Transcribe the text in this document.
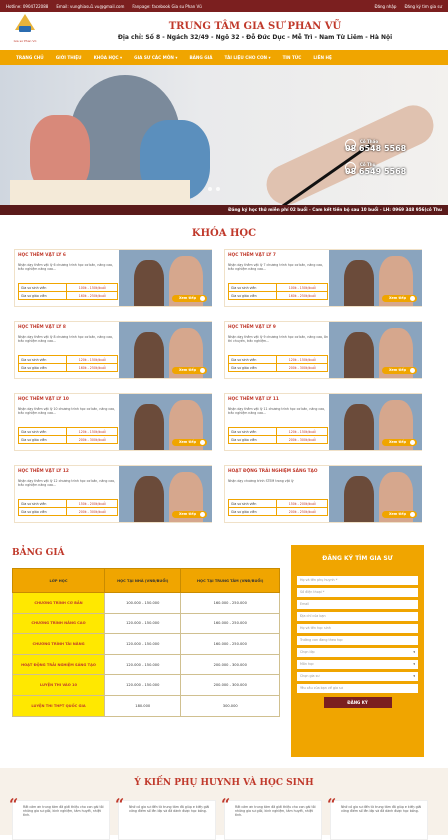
Hotline: 0904722088 Email: vunghiasu1.vu@gmail.com Fanpage: facebook Gia su Phan Vũ	Đăng nhập Đăng ký tìm gia sư
Gia sư Phan Vũ
TRUNG TÂM GIA SƯ PHAN VŨ
Địa chỉ: Số 8 - Ngách 32/49 - Ngõ 32 - Đỗ Đức Dục - Mễ Trì - Nam Từ Liêm - Hà Nội
TRANG CHỦ	GIỚI THIỆU	KHÓA HỌC ▾	GIA SƯ CÁC MÔN ▾	BẢNG GIÁ	TÀI LIỆU CHO CON ▾	TIN TỨC	LIÊN HỆ
Cô Thảo
08 6548 5568
Cô Thu
08 6549 5568
Đăng ký học thử miễn phí 02 buổi - Cam kết tiến bộ sau 10 buổi - LH: 0969 348 956(cô Thu
KHÓA HỌC
HỌC THÊM VẬT LÝ 6
Nhận dạy thêm vật lý 6 chương trình học cơ bản, nâng cao, trắc nghiệm nâng cao...
Gia sư sinh viên	100k - 150k/buổi
Gia sư giáo viên	160k - 250k/buổi
Xem tiếp
HỌC THÊM VẬT LÝ 7
Nhận dạy thêm vật lý 7 chương trình học cơ bản, nâng cao, trắc nghiệm nâng cao...
Gia sư sinh viên	100k - 150k/buổi
Gia sư giáo viên	160k - 250k/buổi
Xem tiếp
HỌC THÊM VẬT LÝ 8
Nhận dạy thêm vật lý 8 chương trình học cơ bản, nâng cao, trắc nghiệm nâng cao...
Gia sư sinh viên	120k - 150k/buổi
Gia sư giáo viên	160k - 250k/buổi
Xem tiếp
HỌC THÊM VẬT LÝ 9
Nhận dạy thêm vật lý 9 chương trình học cơ bản, nâng cao, ôn thi chuyển, trắc nghiệm...
Gia sư sinh viên	120k - 150k/buổi
Gia sư giáo viên	200k - 300k/buổi
Xem tiếp
HỌC THÊM VẬT LÝ 10
Nhận dạy thêm vật lý 10 chương trình học cơ bản, nâng cao, trắc nghiệm nâng cao...
Gia sư sinh viên	120k - 150k/buổi
Gia sư giáo viên	200k - 300k/buổi
Xem tiếp
HỌC THÊM VẬT LÝ 11
Nhận dạy thêm vật lý 11 chương trình học cơ bản, nâng cao, trắc nghiệm nâng cao...
Gia sư sinh viên	120k - 150k/buổi
Gia sư giáo viên	200k - 300k/buổi
Xem tiếp
HỌC THÊM VẬT LÝ 12
Nhận dạy thêm vật lý 12 chương trình học cơ bản, nâng cao, trắc nghiệm nâng cao...
Gia sư sinh viên	150k - 200k/buổi
Gia sư giáo viên	200k - 300k/buổi
Xem tiếp
HOẠT ĐỘNG TRẢI NGHIỆM SÁNG TẠO
Nhận dạy chương trình STEM trong vật lý
Gia sư sinh viên	150k - 200k/buổi
Gia sư giáo viên	200k - 250k/buổi
Xem tiếp
BẢNG GIÁ
LỚP HỌC	HỌC TẠI NHÀ (VNĐ/BUỔI)	HỌC TẠI TRUNG TÂM (VNĐ/BUỔI)
CHƯƠNG TRÌNH CƠ BẢN	100.000 - 150.000	160.000 - 250.000
CHƯƠNG TRÌNH NÂNG CAO	120.000 - 150.000	160.000 - 250.000
CHƯƠNG TRÌNH TÀI NĂNG	120.000 - 150.000	160.000 - 250.000
HOẠT ĐỘNG TRẢI NGHIỆM SÁNG TẠO	120.000 - 150.000	200.000 - 300.000
LUYỆN THI VÀO 10	120.000 - 150.000	200.000 - 300.000
LUYỆN THI THPT QUỐC GIA	180.000	300.000
ĐĂNG KÝ TÌM GIA SƯ
Họ và tên phụ huynh *
Số điện thoại *
Email
Địa chỉ của bạn
Họ và tên học sinh
Trường con đang theo học
Chọn lớp ▾
Môn học ▾
Chọn gia sư ▾
Yêu cầu của bạn về gia sư
ĐĂNG KÝ
Ý KIẾN PHỤ HUYNH VÀ HỌC SINH
“ Rất cảm ơn trung tâm đã giới thiệu cho con gái tôi những gia sư giỏi, kinh nghiệm, tâm huyết, nhiệt tình.
“ Nhờ có gia sư đến từ trung tâm đã giúp e kiến giải vững điểm số lên lớp và đã dành được học bổng. “ Rất cảm ơn trung tâm đã giới thiệu cho con gái tôi những gia sư giỏi, kinh nghiệm, tâm huyết, nhiệt tình.
“ Nhờ có gia sư đến từ trung tâm đã giúp e kiến giải vững điểm số lên lớp và đã dành được học bổng.
